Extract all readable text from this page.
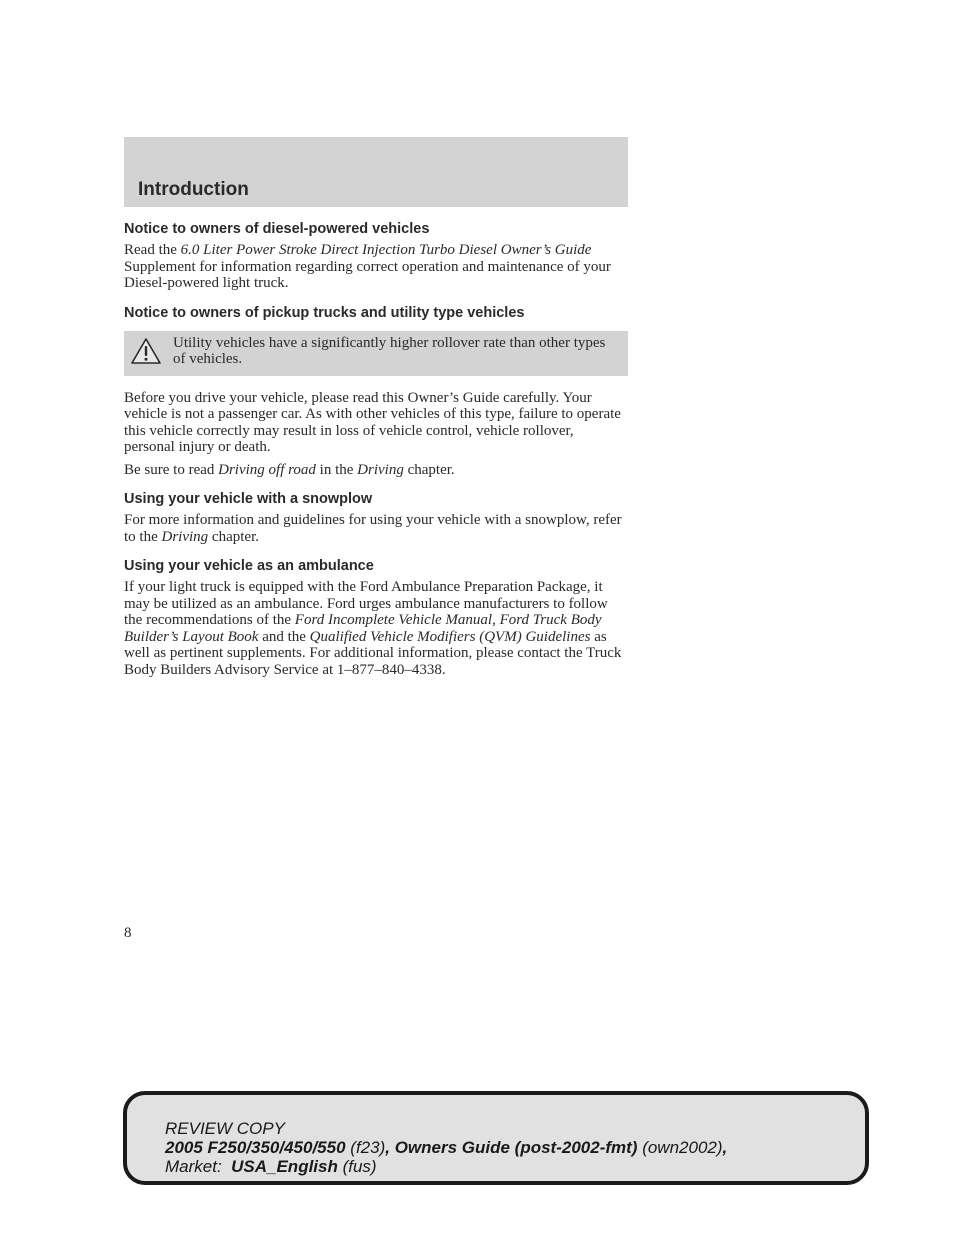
Introduction
Notice to owners of diesel-powered vehicles

Read the 6.0 Liter Power Stroke Direct Injection Turbo Diesel Owner’s Guide Supplement for information regarding correct operation and maintenance of your Diesel-powered light truck.

Notice to owners of pickup trucks and utility type vehicles
Utility vehicles have a significantly higher rollover rate than other types of vehicles.

Before you drive your vehicle, please read this Owner’s Guide carefully. Your vehicle is not a passenger car. As with other vehicles of this type, failure to operate this vehicle correctly may result in loss of vehicle control, vehicle rollover, personal injury or death.

Be sure to read Driving off road in the Driving chapter.

Using your vehicle with a snowplow

For more information and guidelines for using your vehicle with a snowplow, refer to the Driving chapter.

Using your vehicle as an ambulance

If your light truck is equipped with the Ford Ambulance Preparation Package, it may be utilized as an ambulance. Ford urges ambulance manufacturers to follow the recommendations of the Ford Incomplete Vehicle Manual, Ford Truck Body Builder’s Layout Book and the Qualified Vehicle Modifiers (QVM) Guidelines as well as pertinent supplements. For additional information, please contact the Truck Body Builders Advisory Service at 1–877–840–4338.

8
REVIEW COPY
2005 F250/350/450/550 (f23), Owners Guide (post-2002-fmt) (own2002),
Market:  USA_English (fus)
